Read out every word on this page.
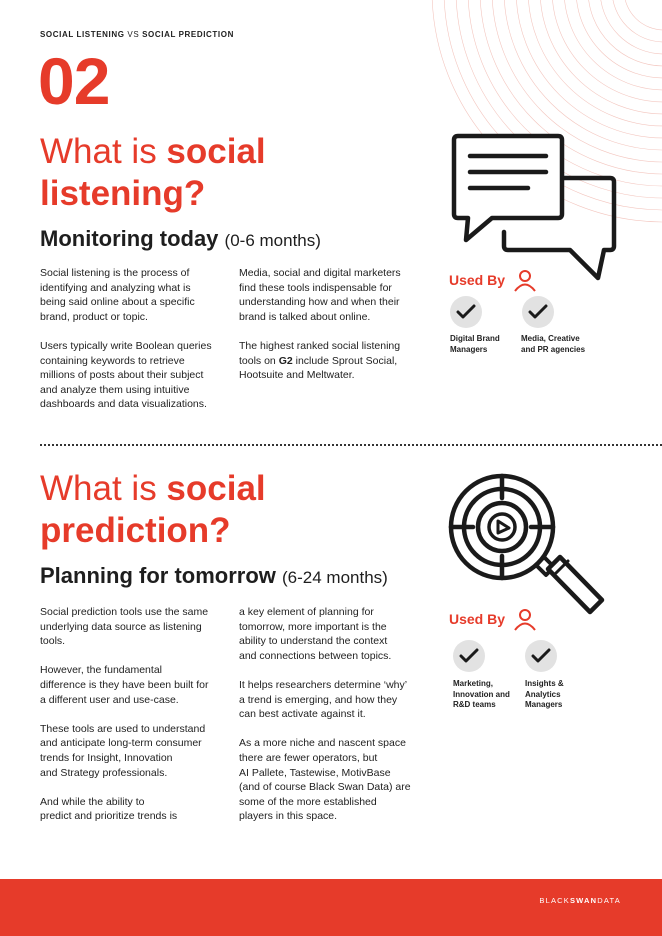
SOCIAL LISTENING VS SOCIAL PREDICTION
02
What is social
listening?
Monitoring today (0-6 months)

Social listening is the process of
identifying and analyzing what is
being said online about a specific
brand, product or topic.

Users typically write Boolean queries
containing keywords to retrieve
millions of posts about their subject
and analyze them using intuitive
dashboards and data visualizations.

Media, social and digital marketers
find these tools indispensable for
understanding how and when their
brand is talked about online.

The highest ranked social listening
tools on G2 include Sprout Social,
Hootsuite and Meltwater.

Used By
Digital Brand
Managers
Media, Creative
and PR agencies
What is social
prediction?
Planning for tomorrow (6-24 months)

Social prediction tools use the same
underlying data source as listening
tools.

However, the fundamental
difference is they have been built for
a different user and use-case.

These tools are used to understand
and anticipate long-term consumer
trends for Insight, Innovation
and Strategy professionals.

And while the ability to
predict and prioritize trends is

a key element of planning for
tomorrow, more important is the
ability to understand the context
and connections between topics.

It helps researchers determine ‘why’
a trend is emerging, and how they
can best activate against it.

As a more niche and nascent space
there are fewer operators, but
AI Pallete, Tastewise, MotivBase
(and of course Black Swan Data) are
some of the more established
players in this space.

Used By
Marketing,
Innovation and
R&D teams
Insights &
Analytics
Managers
BLACKSWANDATA
